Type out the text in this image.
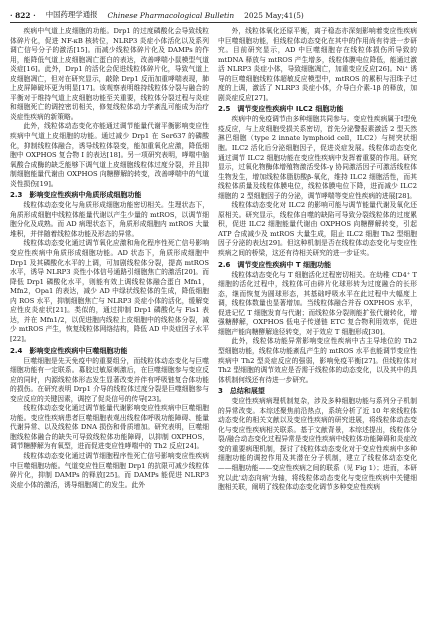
· 822 · 中国药理学通报 Chinese Pharmacological Bulletin 2025 May;41(5)

疾病中气道上皮细胞的功能。Drp1 的过度磷酸化会导致线粒体碎片化，促进 NF-κB 核转位，NLRP3 炎症小体活化以及系列调亡信号分子的激活[15]。而减少线粒体碎片化及 DAMPs 的作用，能降低气道上皮细胞凋亡蛋白的表达，改善哮喘小鼠模型气道炎症[16]。此外，Drp1 的活化会促进线粒体碎片化，导致气道上皮细胞凋亡，但对在研究显示，敲除 Drp1 反而加重哮喘表现，肺上皮屏障破坏更为明显[17]。该观察表明维持线粒体分裂与融合的平衡对于维持气道上皮细胞功能至关重要，线粒体分裂过程与炎症和细胞死亡的调控密切相关，修复线粒体动力学紊乱可能成为治疗炎症性疾病的新策略。

此外，线粒体动态变化亦能通过调节能量代谢平衡影响变应性疾病中气道上皮细胞的功能。通过减少 Drp1 在 Ser637 的磷酸化，抑制线粒体融合，诱导线粒体裂变，能加重氧化应激，降低细胞中 OXPHOS 复合物 I 的表达[18]。另一项研究表明，哮喘中脑氧酸合成酶的缺乏能够下调气道上皮细胞线粒体过度分裂，并且抑制细胞能量代谢由 OXPHOS 向糖酵解的转变，改善哮喘中的气道炎性损伤[19]。

2.3　影响变应性疾病中角质形成细胞功能

线粒体动态变化与角质形成细胞功能密切相关。生理状态下，角质形成细胞中线粒体能量代谢以产生少量的 mtROS，以调节细胞分化及成熟。而 AD 病理状态下，角质形成细胞内 mtROS 大量堆积，并伴随着线粒体功能及形态的异常。

线粒体动态变化通过调节氧化应激和角化程序性死亡信号影响变应性疾病中角质形成细胞功能。AD 状态下，角质形成细胞中 Drp1 及其磷酸化水平的上调，可加剧线粒体分裂，提高 mtROS 水平，诱导 NLRP3 炎性小体信号通路引细胞焦亡的激活[20]。而降低 Drp1 磷酸化水平，则能有效上调线粒体融合蛋白 Mfn1，Mfn2，Opa1 的表达，减少 AD 中绿状线粒体的生成，降低细胞内 ROS 水平，抑制细胞焦亡与 NLRP3 炎症小体的活化，缓解变应性皮炎症状[21]。类似的，通过抑制 Drp1 磷酸化与 Fis1 表达，并在 Mfn1/2，以促进胞内线粒上皮细胞中的线粒体分裂，减少 mtROS 产生，恢复线粒体网络结构，降低 AD 中炎症因子水平[22]。

2.4　影响变应性疾病中巨噬细胞功能

巨噬细胞是先天免疫中的重要组分，而线粒体动态变化与巨噬细胞功能有一定联系。募胶过敏原刺激后，在巨噬细胞参与变应反应的同时，内源线粒体形态发生显著改变并伴有呼吸链复合体功能的损伤。在研究表明 Drp1 介导的线粒体过度分裂是巨噬细胞参与变应反应的关键因素，调控了促炎信号的传导[23]。

线粒体动态变化通过调节能量代谢影响变应性疾病中巨噬细胞功能。变应性疾病患者巨噬细胞表观出线粒体呼吸功能障碍、能量代谢异常、以及线粒体 DNA 损伤和骨质增加。研究表明，巨噬细胞线粒体融合的缺失可导致线粒体功能障碍，以抑制 OXPHOS，调节糖酵解为有氧型，进而促进变应性哮喘中的 Th2 反应[24]。

线粒体动态变化通过调节细胞程序性死亡信号影响变应性疾病中巨噬细胞功能。气道变应性巨噬细胞 Drp1 的抗限可减少线粒体碎片化，抑制 DAMPs 的释放[25]。而 DAMPs 能促进 NLRP3 炎症小体的激活，诱导细胞凋亡的发生。此外

外，线粒体氧化还原平衡，离子稳态亦深刻影响着变应性疾病中巨噬细胞功能，但线粒体动态变化在其中的作用尚有待进一步研究。目前研究显示，AD 中巨噬细胞存在线粒体损伤所导致的 mtDNA 释放与 mtROS 产生增多，线粒体膜电位降低，能通过激活 NLRP3 炎症小体，导致细胞凋亡，加重变应反应[26]。Ni⁺ 诱导的巨噬细胞线粒体超敏反应模型中，mtROS 的累积与泪珠子过度的上调，激活了 NLRP3 炎症小体，介导白介素-1β 的释放，加剧炎症反应[27]。

2.5　调节变应性疾病中 ILC2 细胞功能

疾病中的免疫调节由多种细胞共同参与。变应性疾病属于Ⅰ型免疫反应，与上皮细胞受损关系密切，首先分泌警报素激活 2 型天然淋巴细胞（type 2 innate lymphoid cell，ILC2）与树突状细胞。ILC2 活化后分泌细胞因子，促进炎症发展。线粒体动态变化通过调节 ILC2 细胞功能在变应性疾病中发挥着重要的作用。研究显示，过氧化物酶体增殖物激活受体-γ 协同激活因子可激活线粒体生物发生，增加线粒体脂肪酸β-氧化，维持 ILC2 细胞活性，而其线粒体质量及线粒体膜电位，线粒体膜电位下降，进而减少 ILC2 细胞的 2 型细胞因子的分泌，调节哮喘等变应性疾病的进展[28]。

线粒体动态变化对 ILC2 的影响可能与调节能量代谢及氧化还原相关。研究显示，线粒体自噬的缺陷可导致分裂线粒体的过度累积，促进 ILC2 细胞能量代谢由 OXPHOS 向糖酵解转变，引起 ATP 合成减少及 mtROS 大量生成，阻止 ILC2 细胞 Th2 型细胞因子分泌的表达[29]。但这种机制是否在线粒体动态变化与变应性疾病之间的桥梁，这还有待相关研究的进一步证实。

2.6　调节变应性疾病中 T 细胞功能

线粒体动态变化与 T 细胞活化过程密切相关。在幼稚 CD4⁺ T 细胞的活化过程中，线粒体可由碎片化球形转为过度融合的长形态，继而恢复为圆球形态，其基础呼吸水平在此过程中大幅度上调，线粒体数量也显著增加。当线粒体融合并吞 OXPHOS 水平，促进记忆 T 细胞发育与代谢；而线粒体分裂则能扩张代谢转化，增强糖酵解，OXPHOS 低电子传递链 ETC 复合物利用效率，促进细胞产能向糖酵解途径转变，对于效应 T 细胞形成[30]。

此外，线粒体功能异常影响变应性疾病中古主导地位的 Th2 型细胞功能，线粒体功能紊乱产生的 mtROS 水平也能调节变应性疾病中 Th2 型炎症反应的强弱，影响免疫平衡[27]。但线粒体对 Th2 型细胞的调节效应是否需于线粒体的动态变化，以及其中的具体机制何线还有待进一步研究。

3　总结和展望

变应性疾病病理机制复杂，涉及多种细胞功能与系列分子机制的异常改变。本综述聚焦前沿热点，系统分析了近 10 年来线粒体动态变化的相关文献以及变应性疾病的研究进展，将线粒体动态变化与变应性疾病相关联系。基于文献背景，本综述提出，线粒体分裂/融合动态变化过程异常是变应性疾病中线粒体功能障碍和炎症改变的重要病理机制，探讨了线粒体动态变化对于变应性疾病中多种细胞功能的调控作用及其潜在分子机制，建立了线粒体动态变化——细胞功能——变应性疾病之间的联系（见 Fig 1）；进而，本研究以此'动态向病'为轴，将线粒体动态变化与变应性疾病中关键细胞相关联，阐明了线粒体动态变化调节多种变应性疾病
